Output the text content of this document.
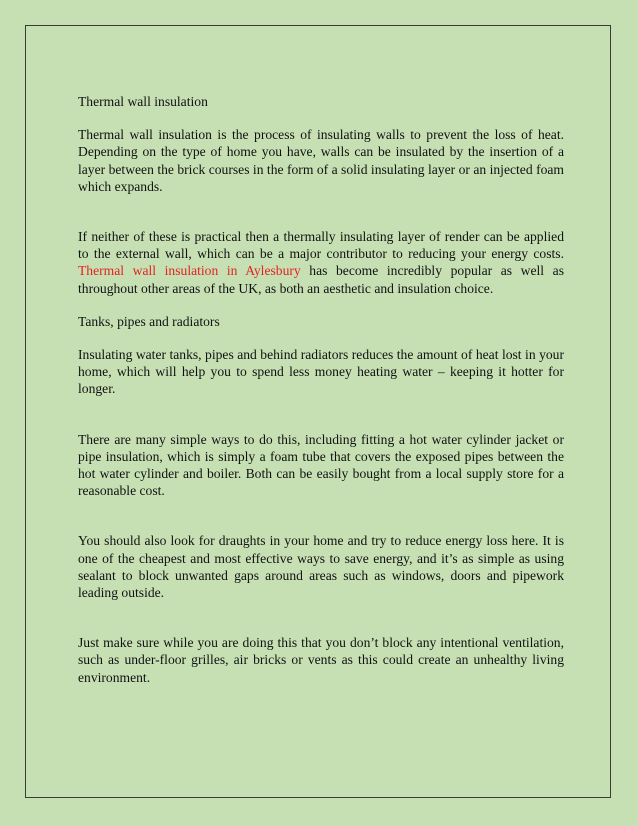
Thermal wall insulation

Thermal wall insulation is the process of insulating walls to prevent the loss of heat. Depending on the type of home you have, walls can be insulated by the insertion of a layer between the brick courses in the form of a solid insulating layer or an injected foam which expands.

If neither of these is practical then a thermally insulating layer of render can be applied to the external wall, which can be a major contributor to reducing your energy costs. Thermal wall insulation in Aylesbury has become incredibly popular as well as throughout other areas of the UK, as both an aesthetic and insulation choice.

Tanks, pipes and radiators

Insulating water tanks, pipes and behind radiators reduces the amount of heat lost in your home, which will help you to spend less money heating water – keeping it hotter for longer.

There are many simple ways to do this, including fitting a hot water cylinder jacket or pipe insulation, which is simply a foam tube that covers the exposed pipes between the hot water cylinder and boiler. Both can be easily bought from a local supply store for a reasonable cost.

You should also look for draughts in your home and try to reduce energy loss here. It is one of the cheapest and most effective ways to save energy, and it’s as simple as using sealant to block unwanted gaps around areas such as windows, doors and pipework leading outside.

Just make sure while you are doing this that you don’t block any intentional ventilation, such as under-floor grilles, air bricks or vents as this could create an unhealthy living environment.
